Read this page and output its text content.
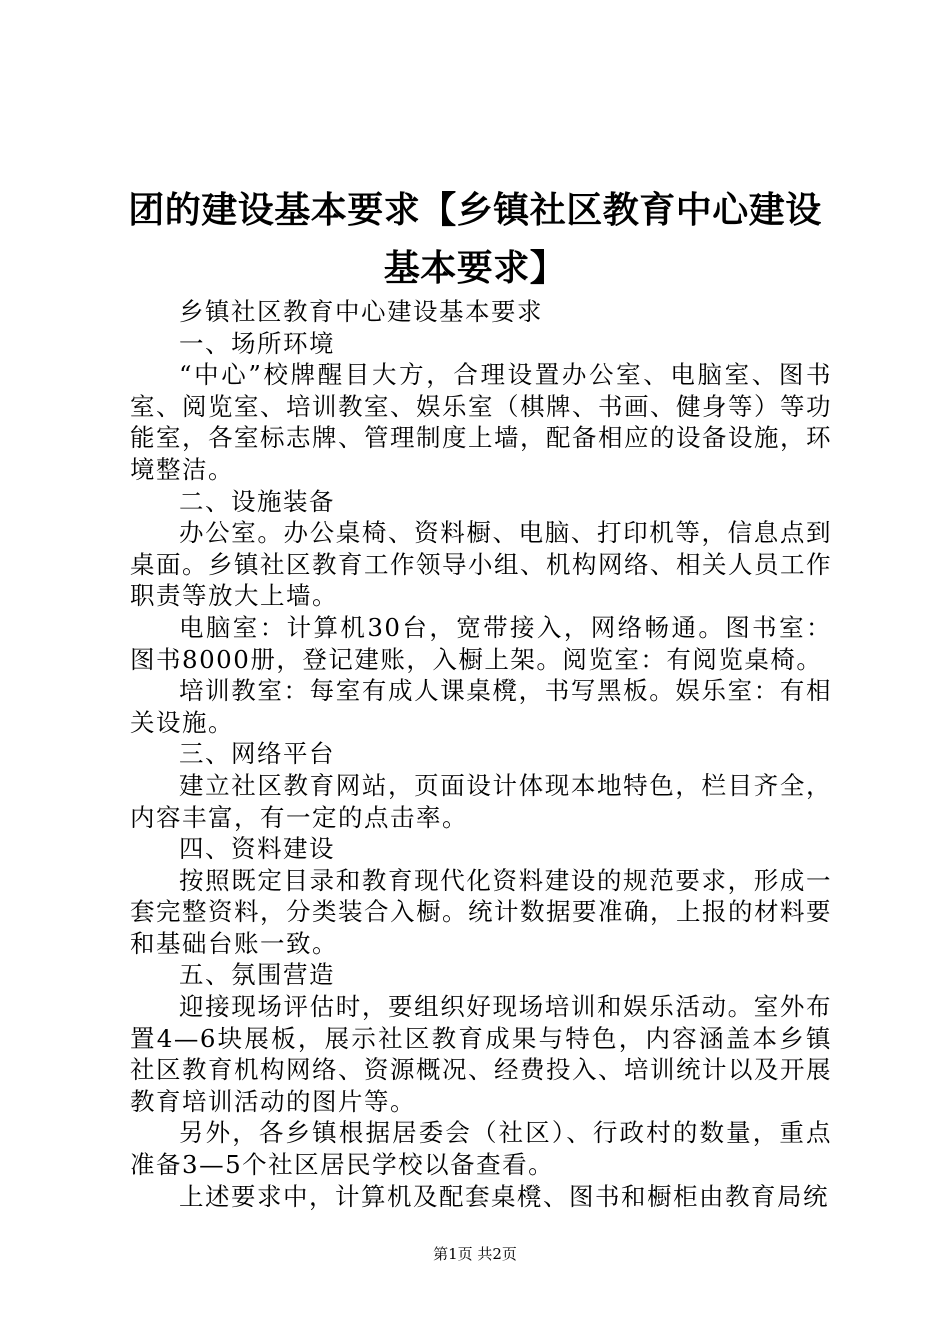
团的建设基本要求【乡镇社区教育中心建设基本要求】

乡镇社区教育中心建设基本要求

一、场所环境

“中心”校牌醒目大方，合理设置办公室、电脑室、图书室、阅览室、培训教室、娱乐室（棋牌、书画、健身等）等功能室，各室标志牌、管理制度上墙，配备相应的设备设施，环境整洁。

二、设施装备

办公室。办公桌椅、资料橱、电脑、打印机等，信息点到桌面。乡镇社区教育工作领导小组、机构网络、相关人员工作职责等放大上墙。

电脑室：计算机30台，宽带接入，网络畅通。图书室：图书8000册，登记建账，入橱上架。阅览室：有阅览桌椅。

培训教室：每室有成人课桌櫈，书写黑板。娱乐室：有相关设施。

三、网络平台

建立社区教育网站，页面设计体现本地特色，栏目齐全，内容丰富，有一定的点击率。

四、资料建设

按照既定目录和教育现代化资料建设的规范要求，形成一套完整资料，分类装合入橱。统计数据要准确，上报的材料要和基础台账一致。

五、氛围营造

迎接现场评估时，要组织好现场培训和娱乐活动。室外布置4—6块展板，展示社区教育成果与特色，内容涵盖本乡镇社区教育机构网络、资源概况、经费投入、培训统计以及开展教育培训活动的图片等。

另外，各乡镇根据居委会（社区）、行政村的数量，重点准备3—5个社区居民学校以备查看。

上述要求中，计算机及配套桌櫈、图书和橱柜由教育局统

第1页 共2页
